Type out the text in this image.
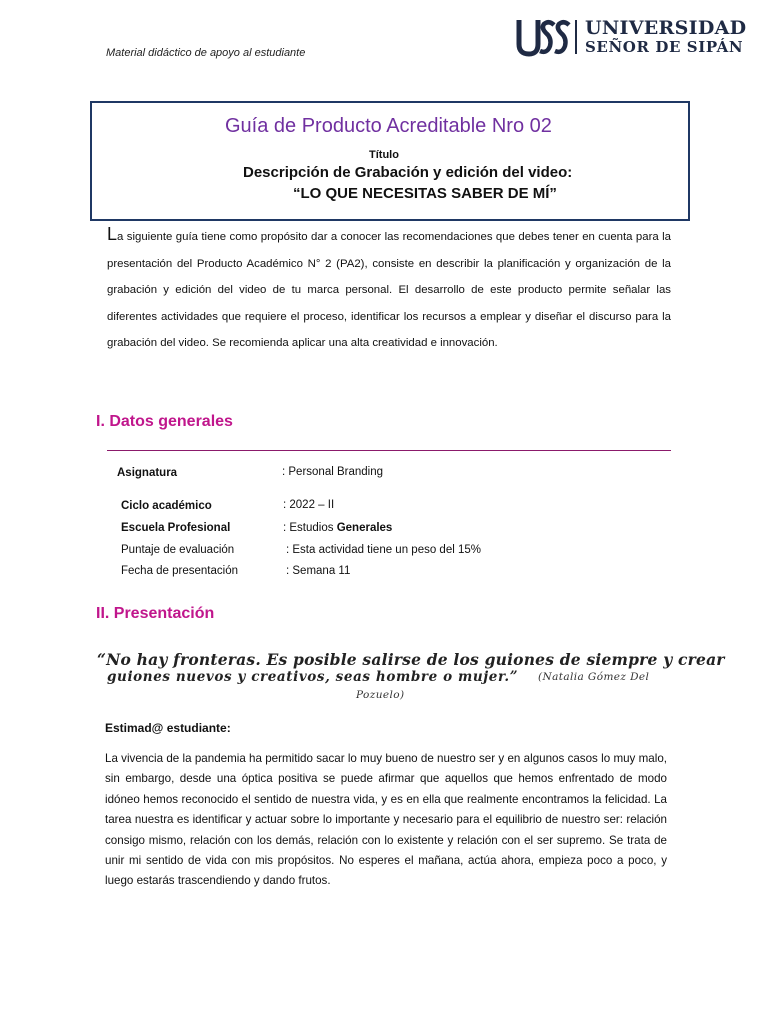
Material didáctico de apoyo al estudiante
UNIVERSIDAD
SEÑOR DE SIPÁN
Guía de Producto Acreditable Nro 02
Título
Descripción de Grabación y edición del video:
“LO QUE NECESITAS SABER DE MÍ”
La siguiente guía tiene como propósito dar a conocer las recomendaciones que debes tener en cuenta para la presentación del Producto Académico N° 2 (PA2), consiste en describir la planificación y organización de la grabación y edición del video de tu marca personal. El desarrollo de este producto permite señalar las diferentes actividades que requiere el proceso, identificar los recursos a emplear y diseñar el discurso para la grabación del video. Se recomienda aplicar una alta creatividad e innovación.
I. Datos generales
Asignatura	: Personal Branding
Ciclo académico	: 2022 – II
Escuela Profesional	: Estudios Generales
Puntaje de evaluación	: Esta actividad tiene un peso del 15%
Fecha de presentación	: Semana 11
II. Presentación
“No hay fronteras. Es posible salirse de los guiones de siempre y crear
guiones nuevos y creativos, seas hombre o mujer.” (Natalia Gómez Del
Pozuelo)
Estimad@ estudiante:
La vivencia de la pandemia ha permitido sacar lo muy bueno de nuestro ser y en algunos casos lo muy malo, sin embargo, desde una óptica positiva se puede afirmar que aquellos que hemos enfrentado de modo idóneo hemos reconocido el sentido de nuestra vida, y es en ella que realmente encontramos la felicidad. La tarea nuestra es identificar y actuar sobre lo importante y necesario para el equilibrio de nuestro ser: relación consigo mismo, relación con los demás, relación con lo existente y relación con el ser supremo. Se trata de unir mi sentido de vida con mis propósitos. No esperes el mañana, actúa ahora, empieza poco a poco, y luego estarás trascendiendo y dando frutos.
